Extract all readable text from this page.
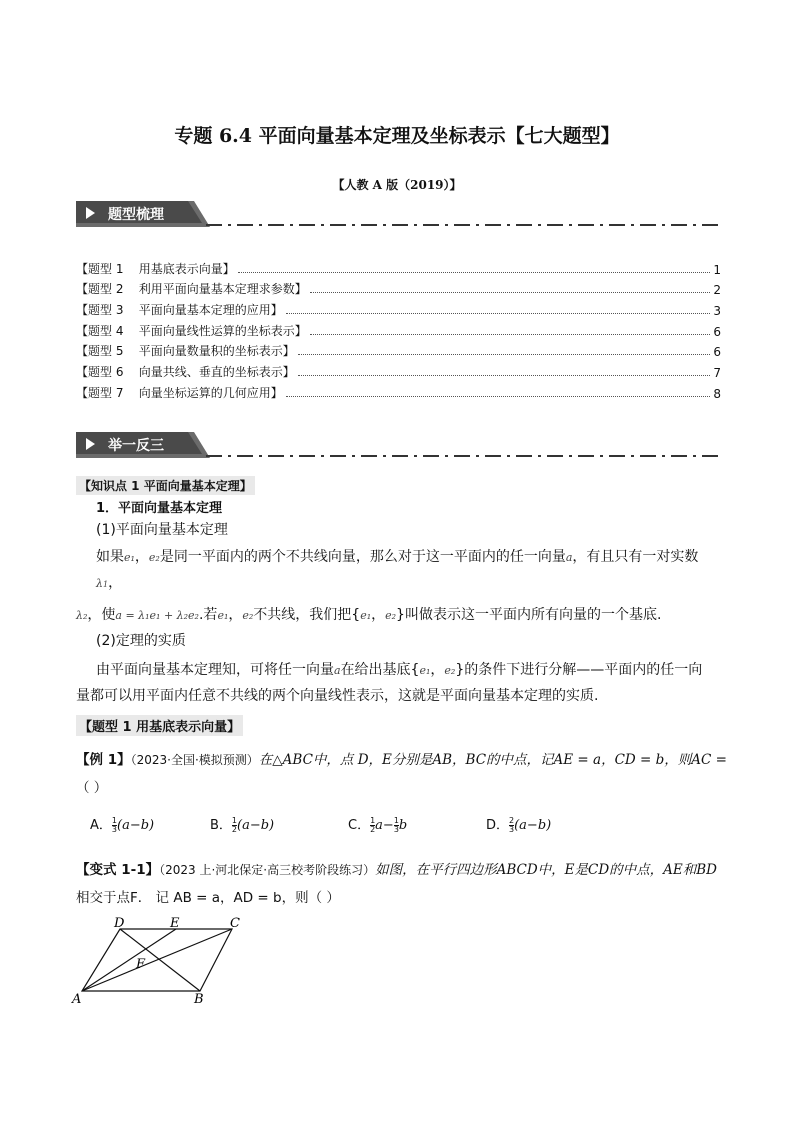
专题 6.4 平面向量基本定理及坐标表示【七大题型】
【人教 A 版（2019）】
题型梳理
【题型 1    用基底表示向量】	1
【题型 2    利用平面向量基本定理求参数】	2
【题型 3    平面向量基本定理的应用】	3
【题型 4    平面向量线性运算的坐标表示】	6
【题型 5    平面向量数量积的坐标表示】	6
【题型 6    向量共线、垂直的坐标表示】	7
【题型 7    向量坐标运算的几何应用】	8
举一反三
【知识点 1 平面向量基本定理】
1．平面向量基本定理
(1)平面向量基本定理
如果e₁，e₂是同一平面内的两个不共线向量，那么对于这一平面内的任一向量a，有且只有一对实数
λ1，
λ₂，使a = λ₁e₁ + λ₂e₂.若e₁，e₂不共线，我们把{e₁，e₂}叫做表示这一平面内所有向量的一个基底.
(2)定理的实质
由平面向量基本定理知，可将任一向量a在给出基底{e₁，e₂}的条件下进行分解——平面内的任一向
量都可以用平面内任意不共线的两个向量线性表示，这就是平面向量基本定理的实质.
【题型 1 用基底表示向量】
【例 1】（2023·全国·模拟预测）在△ABC中，点 D，E分别是AB，BC的中点，记AE = a，CD = b，则AC =
（ ）
A． $\frac{1}{3} (a-b)$	B． $\frac{1}{2} (a-b)$	C． $\frac{1}{2} a- \frac{1}{3}$ b	D． $\frac{2}{3} (a-b)$
【变式 1-1】（2023 上·河北保定·高三校考阶段练习）如图，在平行四边形ABCD中，E是CD的中点，AE和BD
相交于点F． 记 AB = a，AD = b，则（ ）
D	E	C
F
A	B
